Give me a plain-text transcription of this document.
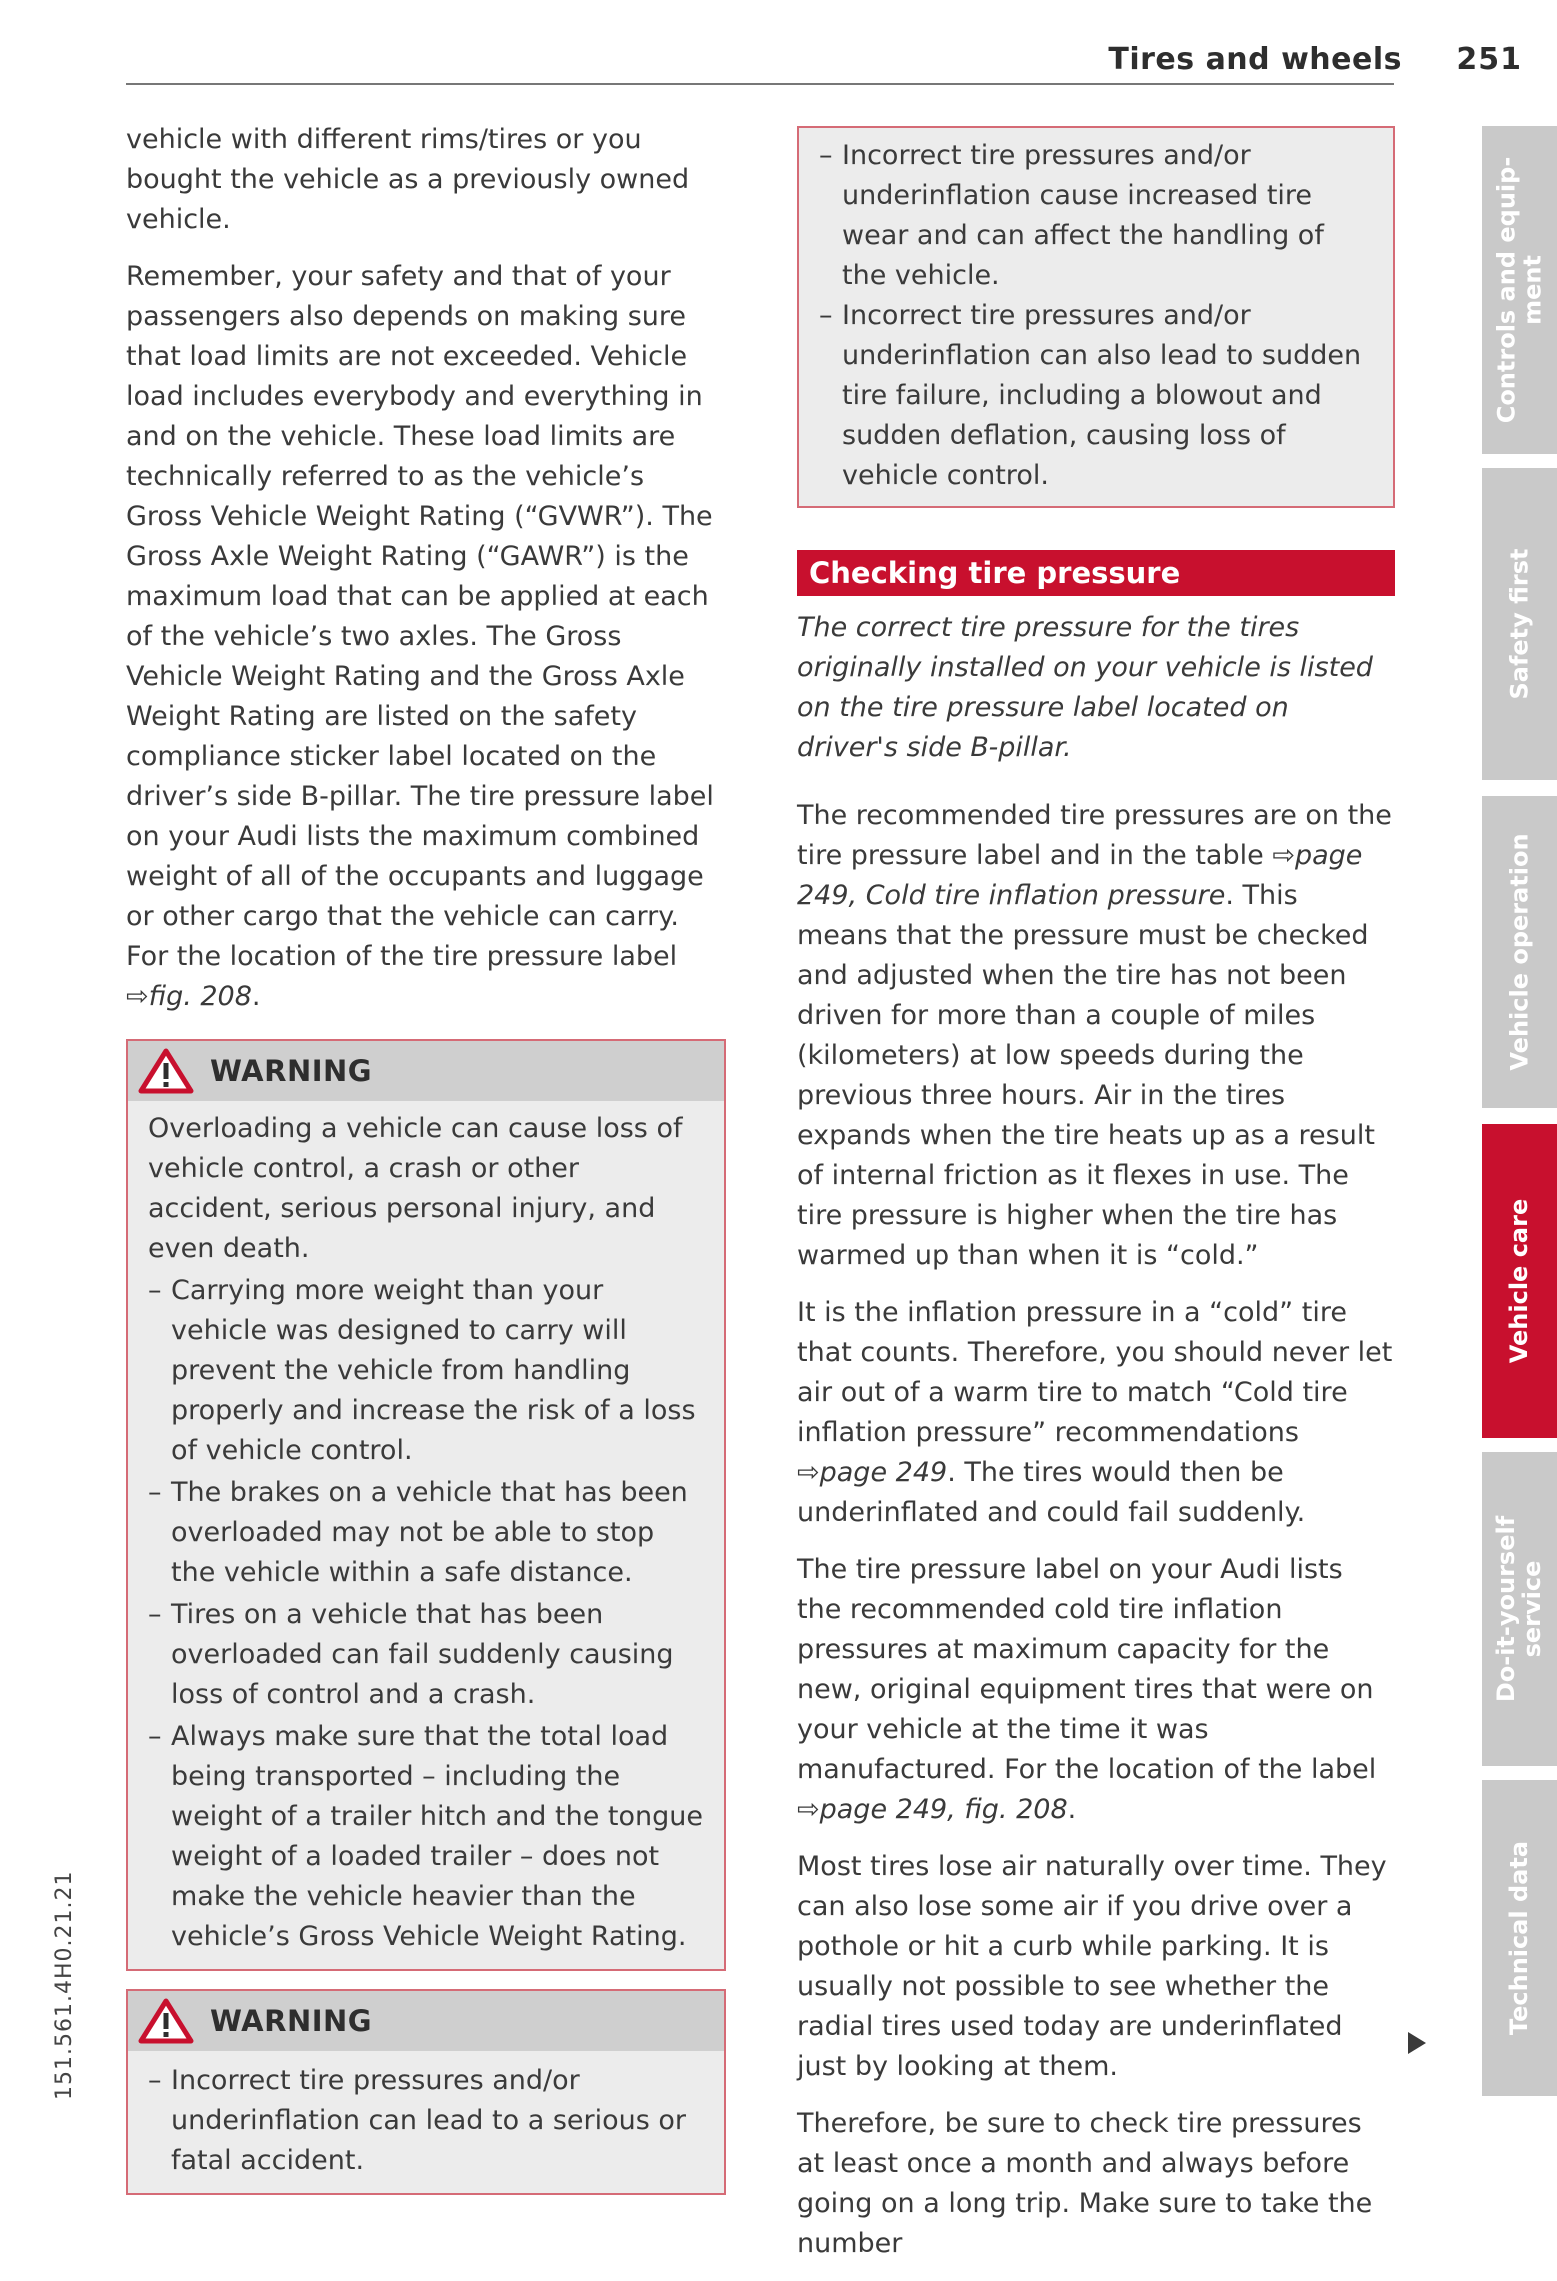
Tires and wheels 251

vehicle with different rims/tires or you bought the vehicle as a previously owned vehicle.

Remember, your safety and that of your passengers also depends on making sure that load limits are not exceeded. Vehicle load includes everybody and everything in and on the vehicle. These load limits are technically referred to as the vehicle’s Gross Vehicle Weight Rating (“GVWR”). The Gross Axle Weight Rating (“GAWR”) is the maximum load that can be applied at each of the vehicle’s two axles. The Gross Vehicle Weight Rating and the Gross Axle Weight Rating are listed on the safety compliance sticker label located on the driver’s side B-pillar. The tire pressure label on your Audi lists the maximum combined weight of all of the occupants and luggage or other cargo that the vehicle can carry. For the location of the tire pressure label ⇨fig. 208.

WARNING

Overloading a vehicle can cause loss of vehicle control, a crash or other accident, serious personal injury, and even death.

– Carrying more weight than your vehicle was designed to carry will prevent the vehicle from handling properly and increase the risk of a loss of vehicle control.
– The brakes on a vehicle that has been overloaded may not be able to stop the vehicle within a safe distance.
– Tires on a vehicle that has been overloaded can fail suddenly causing loss of control and a crash.
– Always make sure that the total load being transported – including the weight of a trailer hitch and the tongue weight of a loaded trailer – does not make the vehicle heavier than the vehicle’s Gross Vehicle Weight Rating.
WARNING
– Incorrect tire pressures and/or underinflation can lead to a serious or fatal accident.
– Incorrect tire pressures and/or underinflation cause increased tire wear and can affect the handling of the vehicle.
– Incorrect tire pressures and/or underinflation can also lead to sudden tire failure, including a blowout and sudden deflation, causing loss of vehicle control.
Checking tire pressure

The correct tire pressure for the tires originally installed on your vehicle is listed on the tire pressure label located on driver's side B-pillar.

The recommended tire pressures are on the tire pressure label and in the table ⇨page 249, Cold tire inflation pressure. This means that the pressure must be checked and adjusted when the tire has not been driven for more than a couple of miles (kilometers) at low speeds during the previous three hours. Air in the tires expands when the tire heats up as a result of internal friction as it flexes in use. The tire pressure is higher when the tire has warmed up than when it is “cold.”

It is the inflation pressure in a “cold” tire that counts. Therefore, you should never let air out of a warm tire to match “Cold tire inflation pressure” recommendations ⇨page 249. The tires would then be underinflated and could fail suddenly.

The tire pressure label on your Audi lists the recommended cold tire inflation pressures at maximum capacity for the new, original equipment tires that were on your vehicle at the time it was manufactured. For the location of the label ⇨page 249, fig. 208.

Most tires lose air naturally over time. They can also lose some air if you drive over a pothole or hit a curb while parking. It is usually not possible to see whether the radial tires used today are underinflated just by looking at them.

Therefore, be sure to check tire pressures at least once a month and always before going on a long trip. Make sure to take the number

Controls and equip-
ment
Safety first
Vehicle operation
Vehicle care
Do-it-yourself
service
Technical data
151.561.4H0.21.21
